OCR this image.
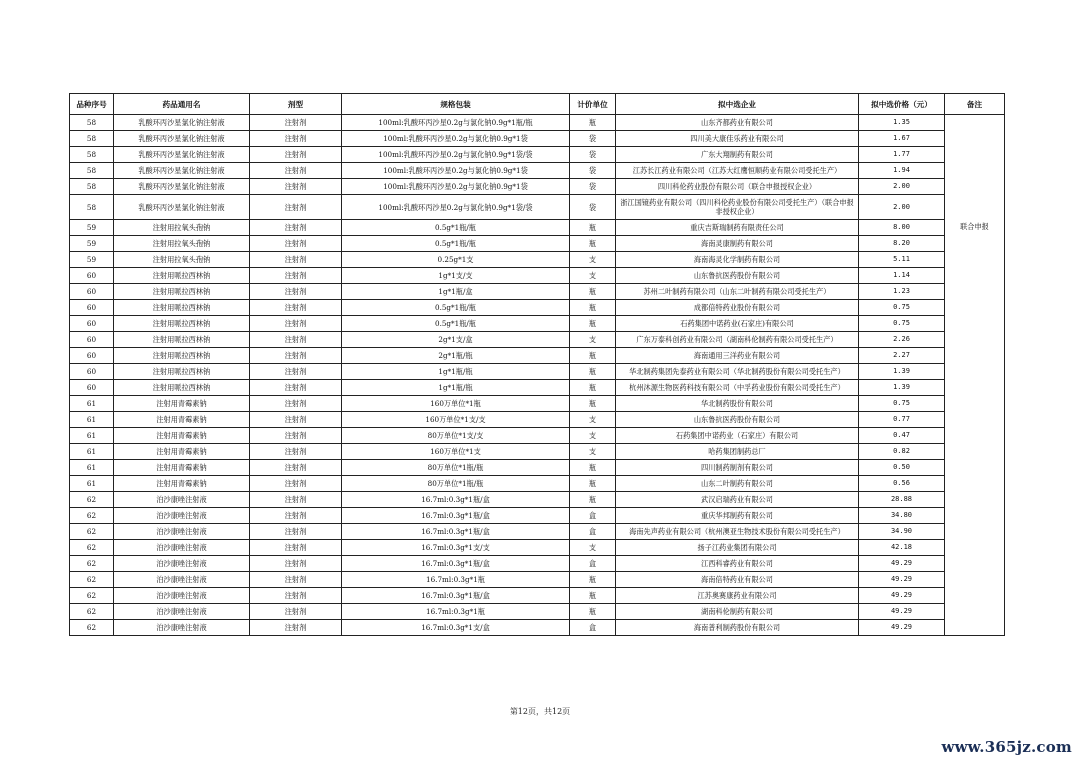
品种序号	药品通用名	剂型	规格包装	计价单位	拟中选企业	拟中选价格（元）	备注
58	乳酸环丙沙星氯化钠注射液	注射剂	100ml:乳酸环丙沙星0.2g与氯化钠0.9g*1瓶/瓶	瓶	山东齐都药业有限公司	1.35	联合申报

58	乳酸环丙沙星氯化钠注射液	注射剂	100ml:乳酸环丙沙星0.2g与氯化钠0.9g*1袋	袋	四川美大康佳乐药业有限公司	1.67	
58	乳酸环丙沙星氯化钠注射液	注射剂	100ml:乳酸环丙沙星0.2g与氯化钠0.9g*1袋/袋	袋	广东大翔制药有限公司	1.77	
58	乳酸环丙沙星氯化钠注射液	注射剂	100ml:乳酸环丙沙星0.2g与氯化钠0.9g*1袋	袋	江苏长江药业有限公司（江苏大红鹰恒顺药业有限公司受托生产）	1.94	
58	乳酸环丙沙星氯化钠注射液	注射剂	100ml:乳酸环丙沙星0.2g与氯化钠0.9g*1袋	袋	四川科伦药业股份有限公司（联合申报授权企业）	2.00	
58	乳酸环丙沙星氯化钠注射液	注射剂	100ml:乳酸环丙沙星0.2g与氯化钠0.9g*1袋/袋	袋	浙江国镜药业有限公司（四川科伦药业股份有限公司受托生产）（联合申报非授权企业）	2.00	
59	注射用拉氧头孢钠	注射剂	0.5g*1瓶/瓶	瓶	重庆吉斯瑞制药有限责任公司	8.00	
59	注射用拉氧头孢钠	注射剂	0.5g*1瓶/瓶	瓶	海南灵康制药有限公司	8.20	
59	注射用拉氧头孢钠	注射剂	0.25g*1支	支	海南海灵化学制药有限公司	5.11	
60	注射用哌拉西林钠	注射剂	1g*1支/支	支	山东鲁抗医药股份有限公司	1.14	
60	注射用哌拉西林钠	注射剂	1g*1瓶/盒	瓶	苏州二叶制药有限公司（山东二叶制药有限公司受托生产）	1.23	
60	注射用哌拉西林钠	注射剂	0.5g*1瓶/瓶	瓶	成都倍特药业股份有限公司	0.75	
60	注射用哌拉西林钠	注射剂	0.5g*1瓶/瓶	瓶	石药集团中诺药业(石家庄)有限公司	0.75	
60	注射用哌拉西林钠	注射剂	2g*1支/盒	支	广东万泰科创药业有限公司（湖南科伦制药有限公司受托生产）	2.26	
60	注射用哌拉西林钠	注射剂	2g*1瓶/瓶	瓶	海南通用三洋药业有限公司	2.27	
60	注射用哌拉西林钠	注射剂	1g*1瓶/瓶	瓶	华北制药集团先泰药业有限公司（华北制药股份有限公司受托生产）	1.39	
60	注射用哌拉西林钠	注射剂	1g*1瓶/瓶	瓶	杭州沐源生物医药科技有限公司（中孚药业股份有限公司受托生产）	1.39	
61	注射用青霉素钠	注射剂	160万单位*1瓶	瓶	华北制药股份有限公司	0.75	
61	注射用青霉素钠	注射剂	160万单位*1支/支	支	山东鲁抗医药股份有限公司	0.77	
61	注射用青霉素钠	注射剂	80万单位*1支/支	支	石药集团中诺药业（石家庄）有限公司	0.47	
61	注射用青霉素钠	注射剂	160万单位*1支	支	哈药集团制药总厂	0.82	
61	注射用青霉素钠	注射剂	80万单位*1瓶/瓶	瓶	四川制药制剂有限公司	0.50	
61	注射用青霉素钠	注射剂	80万单位*1瓶/瓶	瓶	山东二叶制药有限公司	0.56	
62	泊沙康唑注射液	注射剂	16.7ml:0.3g*1瓶/盒	瓶	武汉启瑞药业有限公司	28.88	
62	泊沙康唑注射液	注射剂	16.7ml:0.3g*1瓶/盒	盒	重庆华邦制药有限公司	34.80	
62	泊沙康唑注射液	注射剂	16.7ml:0.3g*1瓶/盒	盒	海南先声药业有限公司（杭州澳亚生物技术股份有限公司受托生产）	34.90	
62	泊沙康唑注射液	注射剂	16.7ml:0.3g*1支/支	支	扬子江药业集团有限公司	42.18	
62	泊沙康唑注射液	注射剂	16.7ml:0.3g*1瓶/盒	盒	江西科睿药业有限公司	49.29	
62	泊沙康唑注射液	注射剂	16.7ml:0.3g*1瓶	瓶	海南倍特药业有限公司	49.29	
62	泊沙康唑注射液	注射剂	16.7ml:0.3g*1瓶/盒	瓶	江苏奥赛康药业有限公司	49.29	
62	泊沙康唑注射液	注射剂	16.7ml:0.3g*1瓶	瓶	湖南科伦制药有限公司	49.29	
62	泊沙康唑注射液	注射剂	16.7ml:0.3g*1支/盒	盒	海南普利制药股份有限公司	49.29	
第12页，共12页
www.365jz.com
